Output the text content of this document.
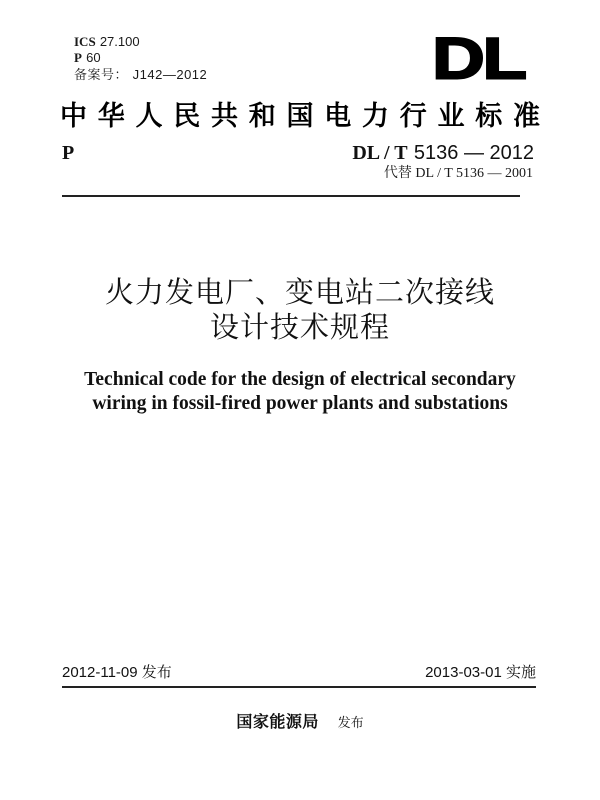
ICS 27.100
P 60
备案号： J142—2012	DL
中 华 人 民 共 和 国 电 力 行 业 标 准
P	DL / T 5136 — 2012
代替 DL / T 5136 — 2001
火力发电厂、变电站二次接线
设计技术规程
Technical code for the design of electrical secondary
wiring in fossil-fired power plants and substations
2012-11-09 发布	2013-03-01 实施
国家能源局 发布
